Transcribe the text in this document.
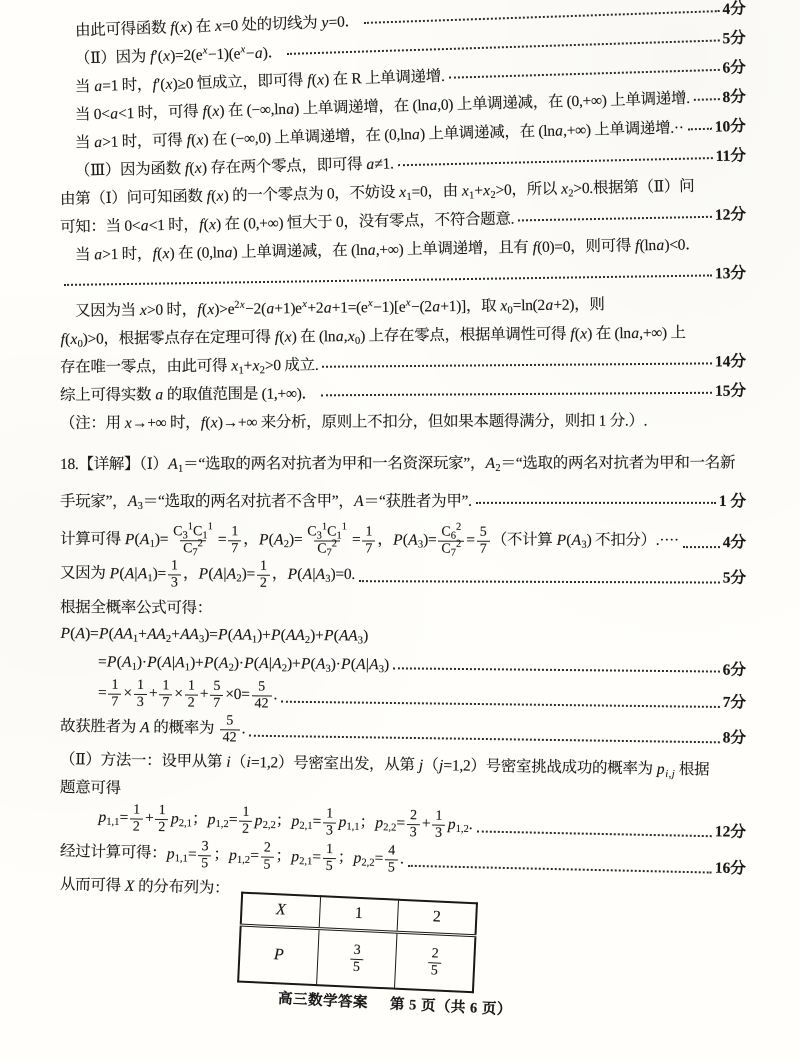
由此可得函数 f(x) 在 x=0 处的切线为 y=0．
4分
（Ⅱ）因为 $f'(x)=2(e^x-1)(e^x-a)$．
5分
当 a=1 时，f′(x)≥0 恒成立，即可得 f(x) 在 R 上单调递增.	6分
当 0<a<1 时，可得 f(x) 在 (−∞,lna) 上单调递增，在 (lna,0) 上单调递减，在 (0,+∞) 上单调递增. 8分
当 a>1 时，可得 f(x) 在 (−∞,0) 上单调递增，在 (0,lna) 上单调递减，在 (lna,+∞) 上单调递增.·· 10分
（Ⅲ）因为函数 f(x) 存在两个零点，即可得 a≠1.	11分
由第（Ⅰ）问可知函数 f(x) 的一个零点为 0，不妨设 $x_1=0$，由 $x_1+x_2>0$，所以 $x_2>0$.根据第（Ⅱ）问
可知：当 0<a<1 时，f(x) 在 (0,+∞) 恒大于 0，没有零点，不符合题意.	12分
当 a>1 时，f(x) 在 (0,lna) 上单调递减，在 (lna,+∞) 上单调递增，且有 f(0)=0，则可得 f(lna)<0．
13分
又因为当 x>0 时，$f(x)>e^{2x}-2(a+1)e^x+2a+1=(e^x-1)[e^x-(2a+1)]$，取 $x_0=\ln(2a+2)$，则
$f(x_0)>0$，根据零点存在定理可得 f(x) 在 $(\ln a,x_0)$ 上存在零点，根据单调性可得 f(x) 在 (lna,+∞) 上
存在唯一零点，由此可得 $x_1+x_2>0$ 成立.	14分
综上可得实数 a 的取值范围是 (1,+∞)．	15分
（注：用 x→+∞ 时，f(x)→+∞ 来分析，原则上不扣分，但如果本题得满分，则扣 1 分.）.
18.【详解】$(Ⅰ)A_1=“$选取的两名对抗者为甲和一名资深玩家”，$A_2=“$选取的两名对抗者为甲和一名新
手玩家”，$A_3=“$选取的两名对抗者不含甲”，A＝“获胜者为甲”.	1 分
计算可得 $P(A_1)= \frac{C_3^1C_1^1}{C_7^2} = \frac{1}{7}$ ，$P(A_2)= \frac{C_3^1C_1^1}{C_7^2} = \frac{1}{7}$ ，$P(A_3)= \frac{C_6^2}{C_7^2} = \frac{5}{7}$ （不计算 $P(A_3)$ 不扣分）.····	4分
又因为 $P(A|A_1)= \frac{1}{3}$ ，$P(A|A_2)= \frac{1}{2}$ ，$P(A|A_3)=0$.	5分
根据全概率公式可得：
$P(A)=P(AA_1+AA_2+AA_3)=P(AA_1)+P(AA_2)+P(AA_3)$
$=P(A_1)\cdot P(A|A_1)+P(A_2)\cdot P(A|A_2)+P(A_3)\cdot P(A|A_3)$	6分
= $\frac{1}{7} \times \frac{1}{3} + \frac{1}{7} \times \frac{1}{2} + \frac{5}{7} \times 0= \frac{5}{42}$ .	7分
故获胜者为 A 的概率为 $\frac{5}{42}$ .
8分
（Ⅱ）方法一：设甲从第 i（i=1,2）号密室出发，从第 j（j=1,2）号密室挑战成功的概率为 $p_{i,j}$ 根据
题意可得
$p_{1,1}= \frac{1}{2} + \frac{1}{2} p_{2,1}$；$p_{1,2}= \frac{1}{2} p_{2,2}$；$p_{2,1}= \frac{1}{3} p_{1,1}$；$p_{2,2}= \frac{2}{3} + \frac{1}{3} p_{1,2}$.	12分
经过计算可得：$p_{1,1}= \frac{3}{5}$ ；$p_{1,2}= \frac{2}{5}$ ；$p_{2,1}= \frac{1}{5}$ ；$p_{2,2}= \frac{4}{5}$ .
16分
从而可得 X 的分布列为：
X	1	2
P	$\frac{3}{5}$	$\frac{2}{5}$
高三数学答案 第 5 页（共 6 页）
